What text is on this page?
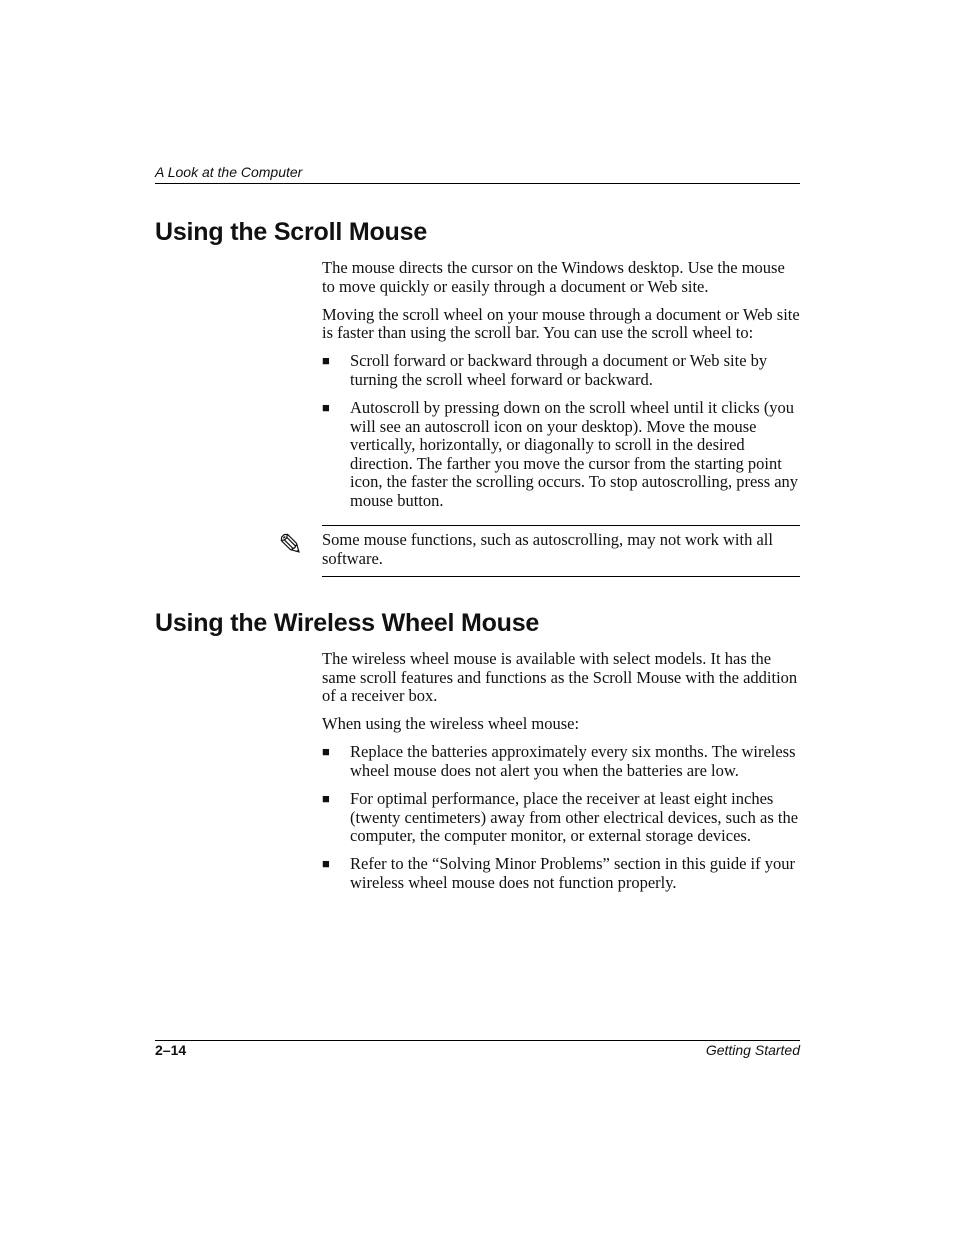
A Look at the Computer
Using the Scroll Mouse

The mouse directs the cursor on the Windows desktop. Use the mouse to move quickly or easily through a document or Web site.

Moving the scroll wheel on your mouse through a document or Web site is faster than using the scroll bar. You can use the scroll wheel to:

■	Scroll forward or backward through a document or Web site by turning the scroll wheel forward or backward.
■	Autoscroll by pressing down on the scroll wheel until it clicks (you will see an autoscroll icon on your desktop). Move the mouse vertically, horizontally, or diagonally to scroll in the desired direction. The farther you move the cursor from the starting point icon, the faster the scrolling occurs. To stop autoscrolling, press any mouse button.
✎ Some mouse functions, such as autoscrolling, may not work with all software.
Using the Wireless Wheel Mouse

The wireless wheel mouse is available with select models. It has the same scroll features and functions as the Scroll Mouse with the addition of a receiver box.

When using the wireless wheel mouse:

■	Replace the batteries approximately every six months. The wireless wheel mouse does not alert you when the batteries are low.
■	For optimal performance, place the receiver at least eight inches (twenty centimeters) away from other electrical devices, such as the computer, the computer monitor, or external storage devices.
■	Refer to the “Solving Minor Problems” section in this guide if your wireless wheel mouse does not function properly.
2–14	Getting Started
